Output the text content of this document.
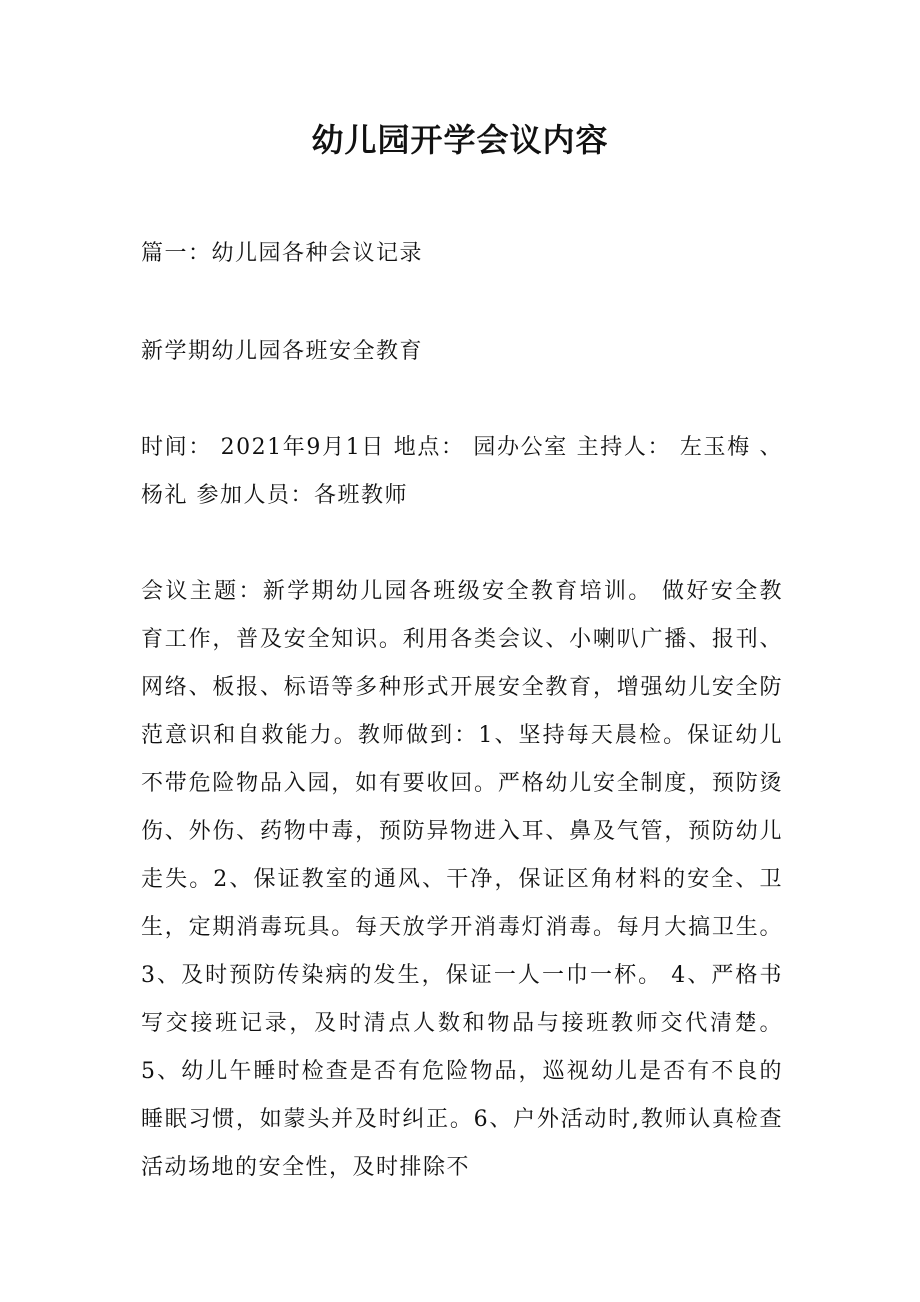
幼儿园开学会议内容

篇一：幼儿园各种会议记录

新学期幼儿园各班安全教育

时间： 2021年9月1日 地点： 园办公室 主持人： 左玉梅 、杨礼 参加人员：各班教师

会议主题：新学期幼儿园各班级安全教育培训。 做好安全教育工作，普及安全知识。利用各类会议、小喇叭广播、报刊、网络、板报、标语等多种形式开展安全教育，增强幼儿安全防范意识和自救能力。教师做到：1、坚持每天晨检。保证幼儿不带危险物品入园，如有要收回。严格幼儿安全制度，预防烫伤、外伤、药物中毒，预防异物进入耳、鼻及气管，预防幼儿走失。2、保证教室的通风、干净，保证区角材料的安全、卫生，定期消毒玩具。每天放学开消毒灯消毒。每月大搞卫生。 3、及时预防传染病的发生，保证一人一巾一杯。 4、严格书写交接班记录，及时清点人数和物品与接班教师交代清楚。 5、幼儿午睡时检查是否有危险物品，巡视幼儿是否有不良的睡眠习惯，如蒙头并及时纠正。6、户外活动时,教师认真检查活动场地的安全性，及时排除不
